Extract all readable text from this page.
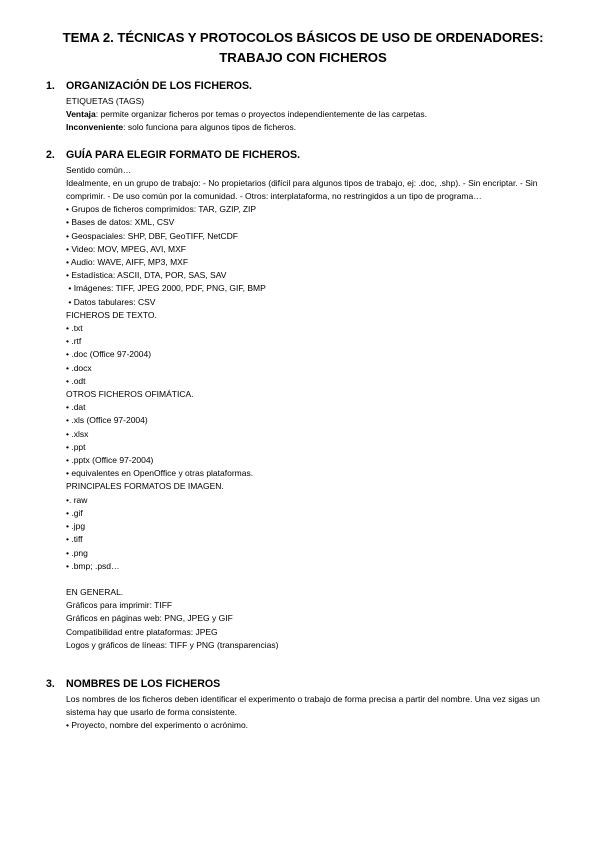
TEMA 2. TÉCNICAS Y PROTOCOLOS BÁSICOS DE USO DE ORDENADORES:
TRABAJO CON FICHEROS
1.	ORGANIZACIÓN DE LOS FICHEROS.

ETIQUETAS (TAGS)

Ventaja: permite organizar ficheros por temas o proyectos independientemente de las carpetas.

Inconveniente: solo funciona para algunos tipos de ficheros.

2.	GUÍA PARA ELEGIR FORMATO DE FICHEROS.

Sentido común…

Idealmente, en un grupo de trabajo: - No propietarios (difícil para algunos tipos de trabajo, ej: .doc, .shp). - Sin encriptar. - Sin comprimir. - De uso común por la comunidad. - Otros: interplataforma, no restringidos a un tipo de programa…

• Grupos de ficheros comprimidos: TAR, GZIP, ZIP
• Bases de datos: XML, CSV
• Geospaciales: SHP, DBF, GeoTIFF, NetCDF
• Video: MOV, MPEG, AVI, MXF
• Audio: WAVE, AIFF, MP3, MXF
• Estadística: ASCII, DTA, POR, SAS, SAV
• Imágenes: TIFF, JPEG 2000, PDF, PNG, GIF, BMP
• Datos tabulares: CSV

FICHEROS DE TEXTO.

• .txt
• .rtf
• .doc (Office 97-2004)
• .docx
• .odt

OTROS FICHEROS OFIMÁTICA.

• .dat
• .xls (Office 97-2004)
• .xlsx
• .ppt
• .pptx (Office 97-2004)
• equivalentes en OpenOffice y otras plataformas.

PRINCIPALES FORMATOS DE IMAGEN.

•. raw
• .gif
• .jpg
• .tiff
• .png
• .bmp; .psd…

EN GENERAL.

Gráficos para imprimir: TIFF
Gráficos en páginas web: PNG, JPEG y GIF
Compatibilidad entre plataformas: JPEG
Logos y gráficos de líneas: TIFF y PNG (transparencias)
3.	NOMBRES DE LOS FICHEROS

Los nombres de los ficheros deben identificar el experimento o trabajo de forma precisa a partir del nombre. Una vez sigas un sistema hay que usarlo de forma consistente.

• Proyecto, nombre del experimento o acrónimo.
